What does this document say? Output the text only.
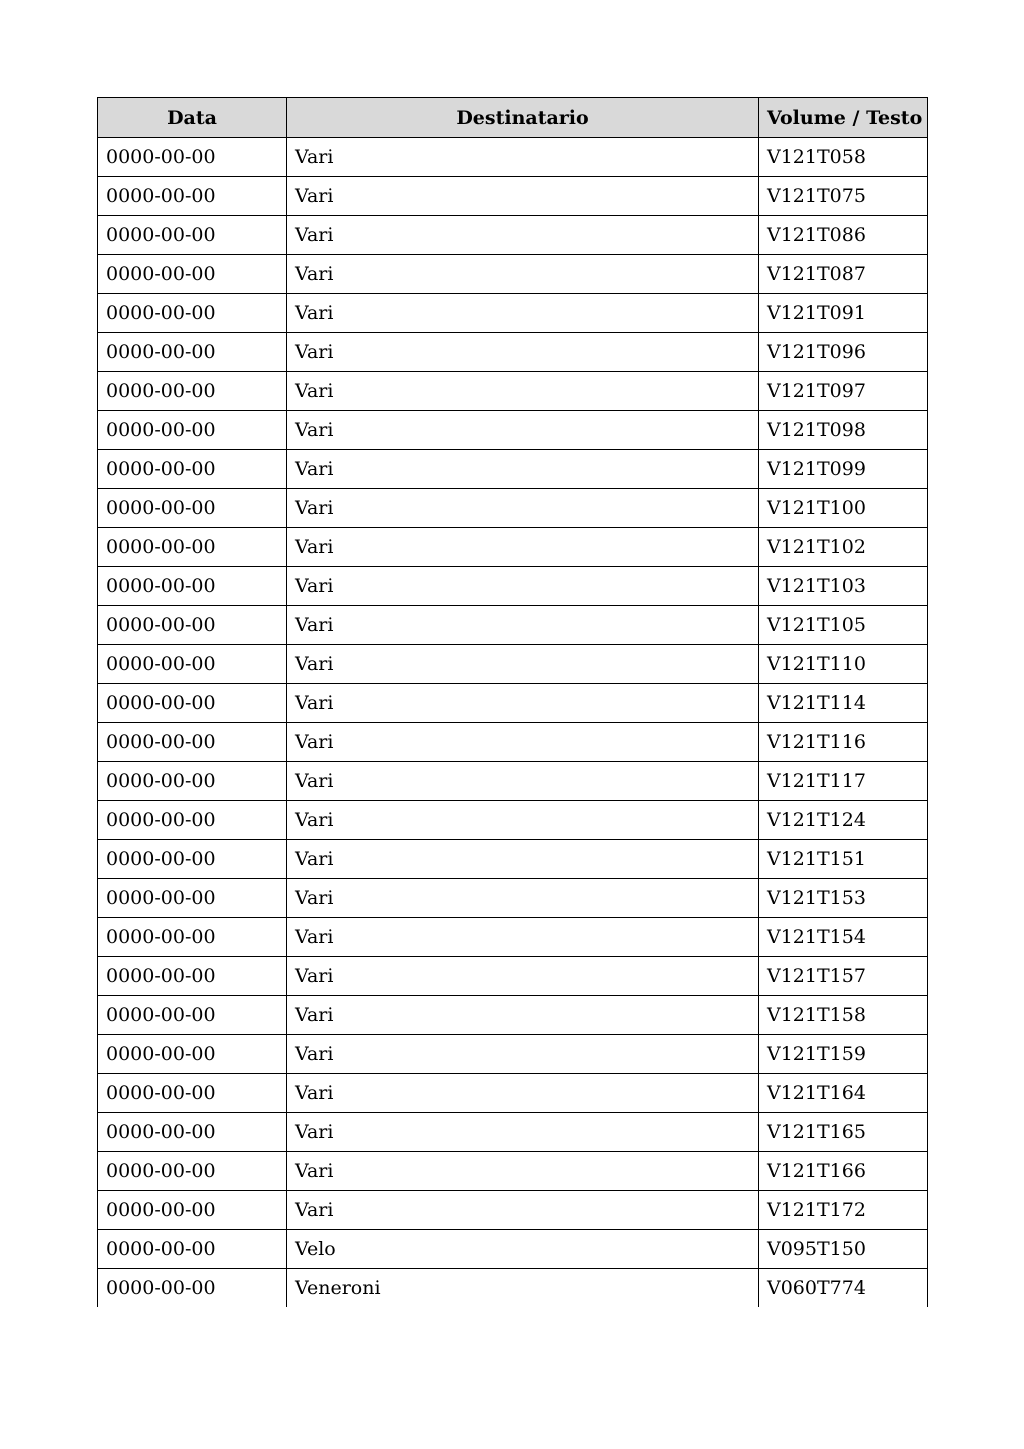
Data	Destinatario	Volume / Testo
0000-00-00	Vari	V121T058
0000-00-00	Vari	V121T075
0000-00-00	Vari	V121T086
0000-00-00	Vari	V121T087
0000-00-00	Vari	V121T091
0000-00-00	Vari	V121T096
0000-00-00	Vari	V121T097
0000-00-00	Vari	V121T098
0000-00-00	Vari	V121T099
0000-00-00	Vari	V121T100
0000-00-00	Vari	V121T102
0000-00-00	Vari	V121T103
0000-00-00	Vari	V121T105
0000-00-00	Vari	V121T110
0000-00-00	Vari	V121T114
0000-00-00	Vari	V121T116
0000-00-00	Vari	V121T117
0000-00-00	Vari	V121T124
0000-00-00	Vari	V121T151
0000-00-00	Vari	V121T153
0000-00-00	Vari	V121T154
0000-00-00	Vari	V121T157
0000-00-00	Vari	V121T158
0000-00-00	Vari	V121T159
0000-00-00	Vari	V121T164
0000-00-00	Vari	V121T165
0000-00-00	Vari	V121T166
0000-00-00	Vari	V121T172
0000-00-00	Velo	V095T150
0000-00-00	Veneroni	V060T774
